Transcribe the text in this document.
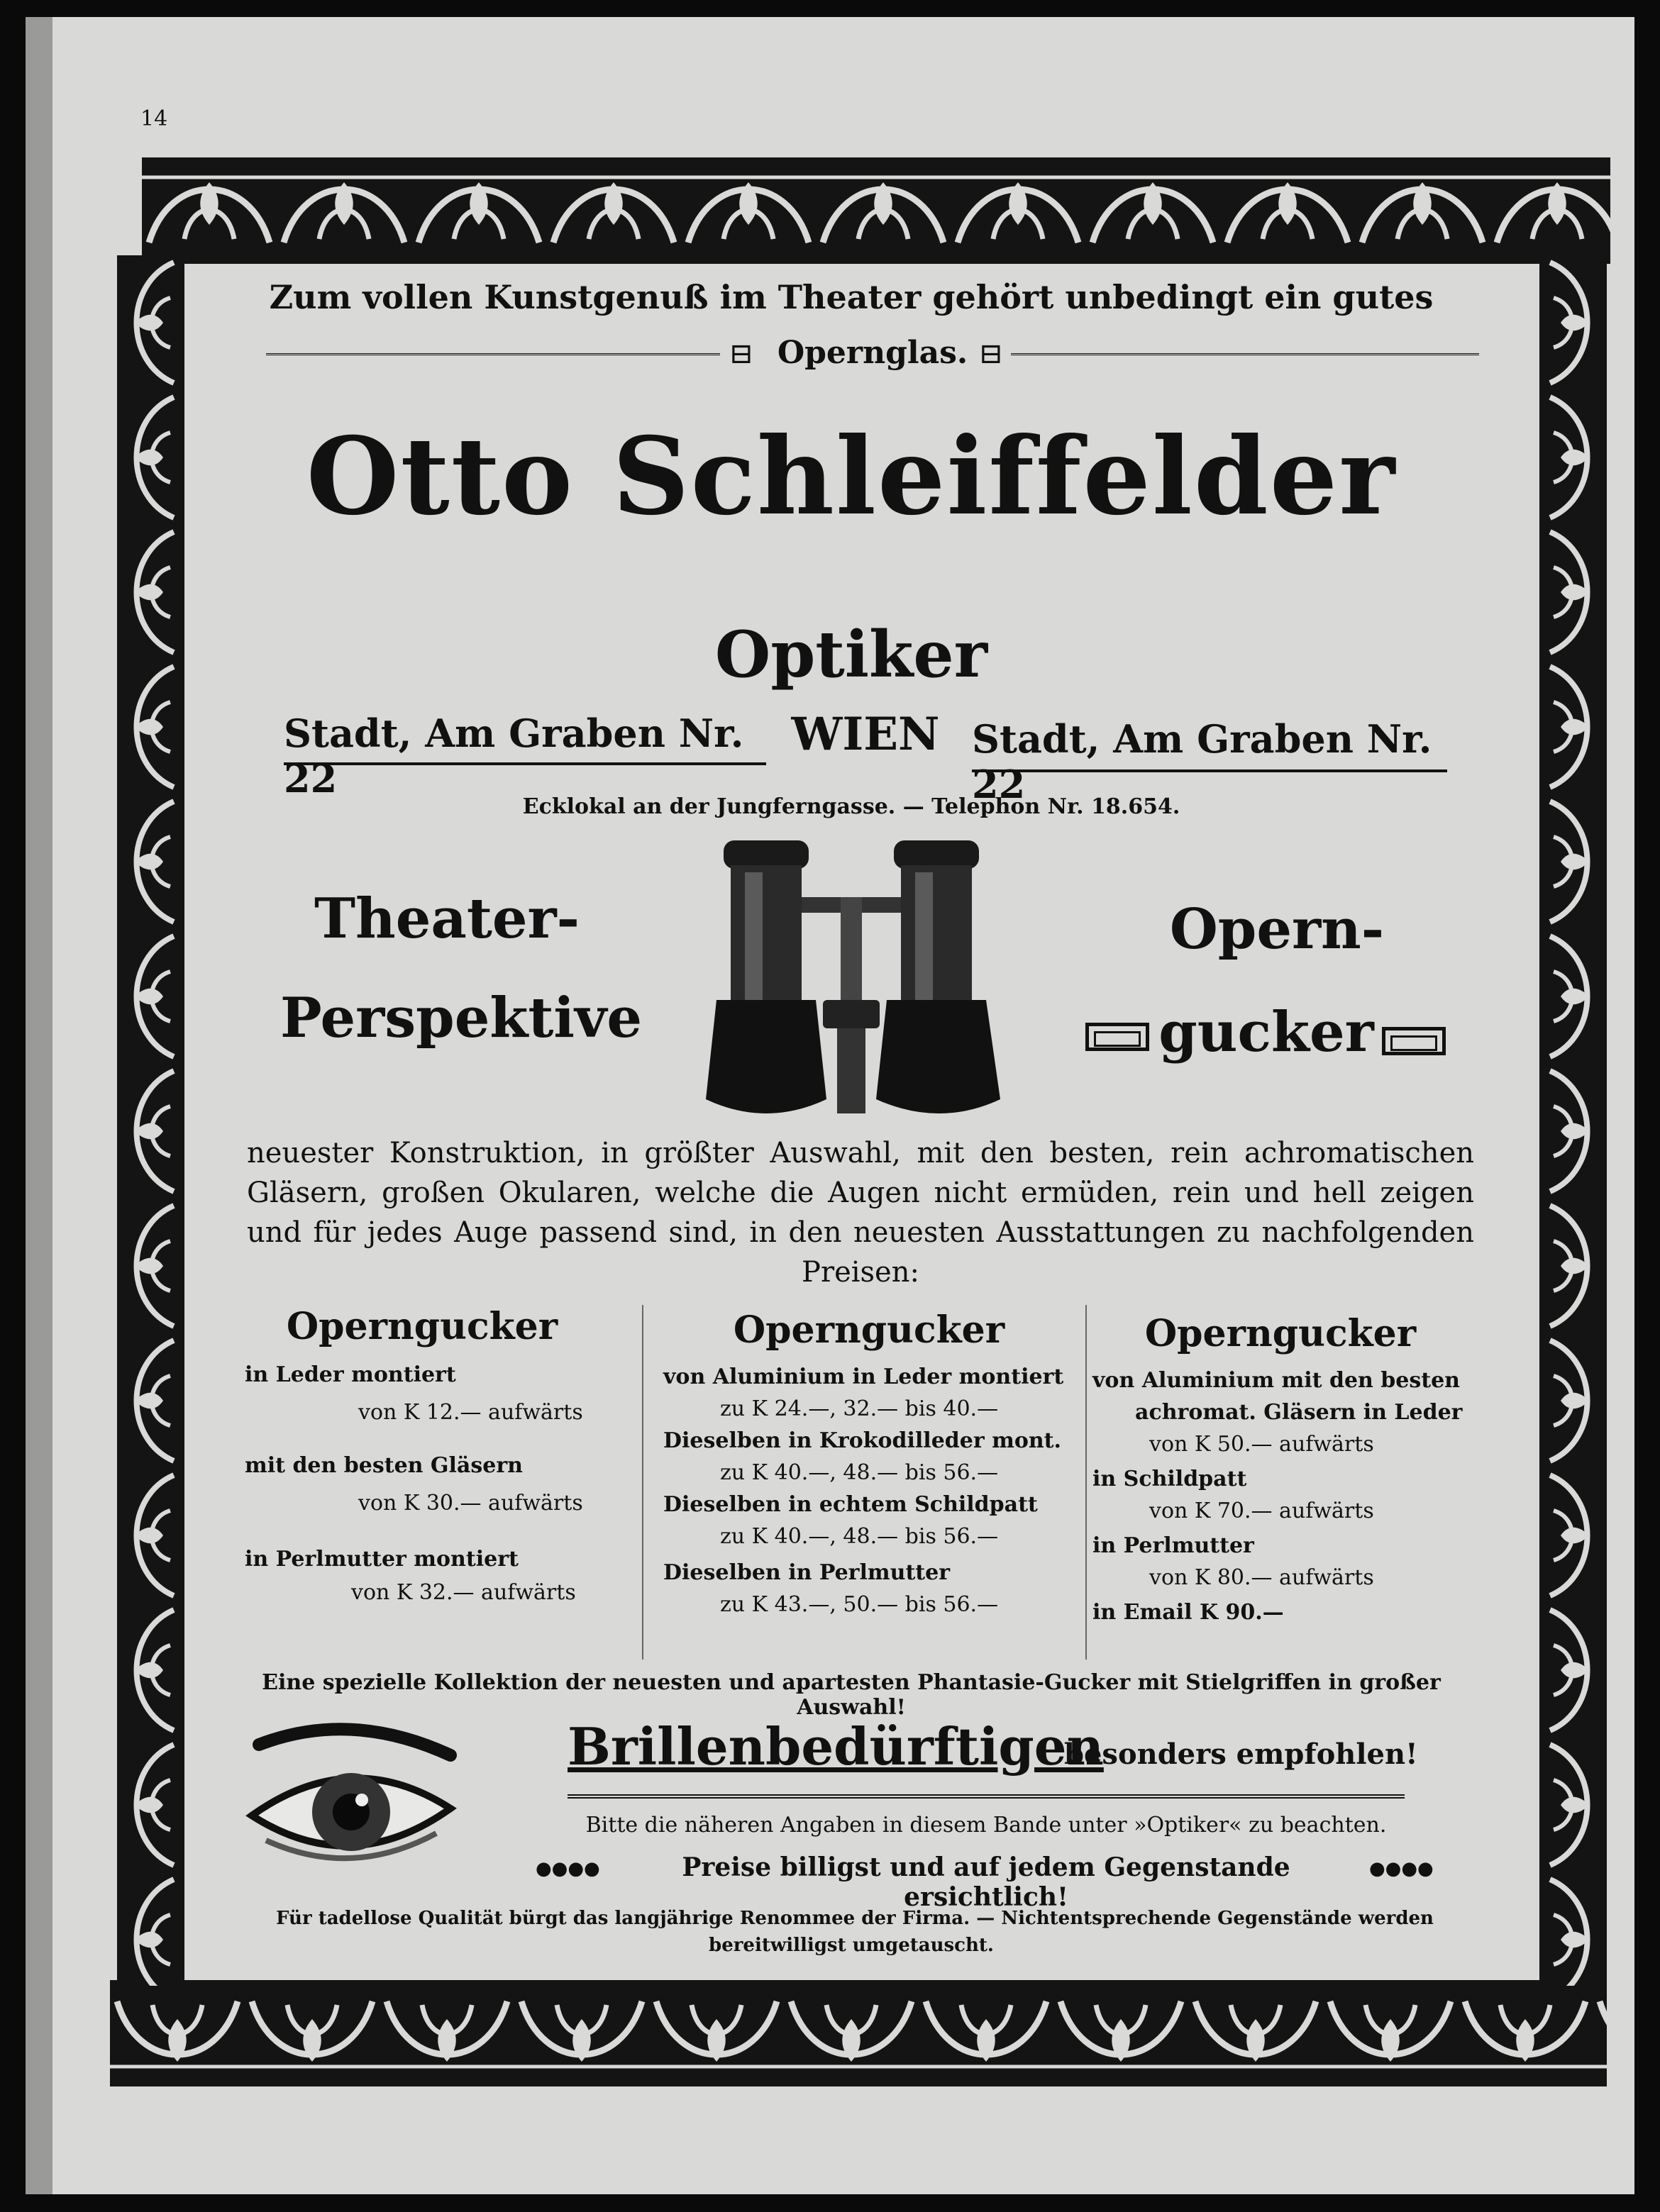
14
Zum vollen Kunstgenuß im Theater gehört unbedingt ein gutes
⊟ Opernglas. ⊟
Otto Schleiffelder
Optiker
Stadt, Am Graben Nr. 22
WIEN Stadt, Am Graben Nr. 22
Ecklokal an der Jungferngasse. — Telephon Nr. 18.654.
Theater-
Perspektive
Opern-
gucker
neuester Konstruktion, in größter Auswahl, mit den besten, rein achromatischen
Gläsern, großen Okularen, welche die Augen nicht ermüden, rein und hell zeigen
und für jedes Auge passend sind, in den neuesten Ausstattungen zu nachfolgenden
Preisen:
Operngucker
in Leder montiert
von K 12.— aufwärts
mit den besten Gläsern
von K 30.— aufwärts
in Perlmutter montiert
von K 32.— aufwärts
Operngucker
von Aluminium in Leder montiert
zu K 24.—, 32.— bis 40.—
Dieselben in Krokodilleder mont.
zu K 40.—, 48.— bis 56.—
Dieselben in echtem Schildpatt
zu K 40.—, 48.— bis 56.—
Dieselben in Perlmutter
zu K 43.—, 50.— bis 56.—
Operngucker
von Aluminium mit den besten
achromat. Gläsern in Leder
von K 50.— aufwärts
in Schildpatt
von K 70.— aufwärts
in Perlmutter
von K 80.— aufwärts
in Email K 90.—
Eine spezielle Kollektion der neuesten und apartesten Phantasie-Gucker mit Stielgriffen in großer Auswahl!
Brillenbedürftigen
besonders empfohlen!
Bitte die näheren Angaben in diesem Bande unter »Optiker« zu beachten.
●●●●	Preise billigst und auf jedem Gegenstande ersichtlich!
●●●●
Für tadellose Qualität bürgt das langjährige Renommee der Firma. — Nichtentsprechende Gegenstände werden
bereitwilligst umgetauscht.
